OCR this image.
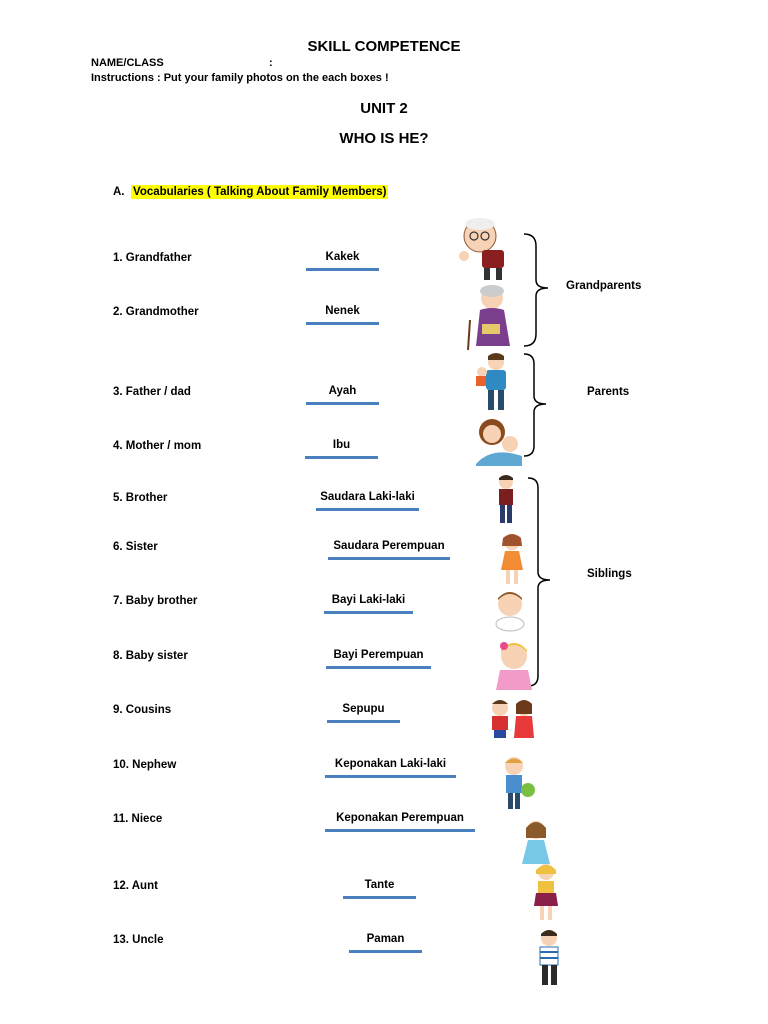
SKILL COMPETENCE
NAME/CLASS	:
Instructions : Put your family photos on the each boxes !
UNIT 2
WHO IS HE?
A. Vocabularies ( Talking About Family Members)
1. Grandfather
2. Grandmother
3. Father / dad
4. Mother / mom
5. Brother
6. Sister
7. Baby brother
8. Baby sister
9. Cousins
10. Nephew
11. Niece
12. Aunt
13. Uncle
Kakek
Nenek
Ayah
Ibu
Saudara Laki-laki
Saudara Perempuan
Bayi Laki-laki
Bayi Perempuan
Sepupu
Keponakan Laki-laki
Keponakan Perempuan
Tante
Paman
Grandparents
Parents
Siblings
